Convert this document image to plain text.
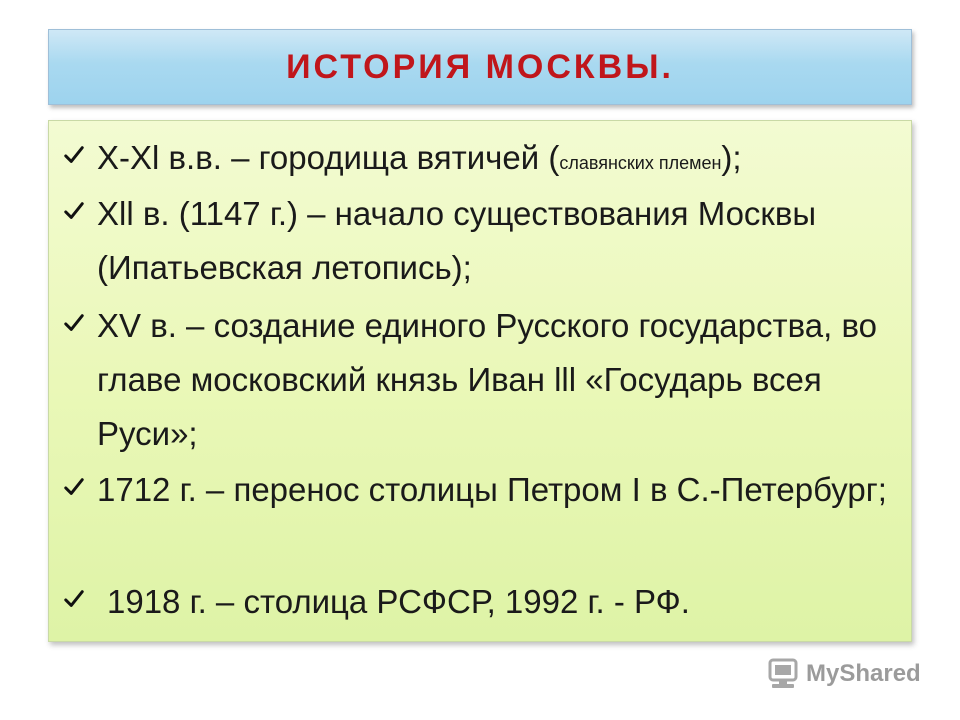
ИСТОРИЯ МОСКВЫ.
X-Xl в.в. – городища вятичей (славянских племен);
Xll в. (1147 г.) – начало существования Москвы (Ипатьевская летопись);
XV в. – создание единого Русского государства, во главе московский князь Иван lll «Государь всея Руси»;
1712 г. – перенос столицы Петром I в С.-Петербург;
1918 г. – столица РСФСР, 1992 г. - РФ.
MyShared
